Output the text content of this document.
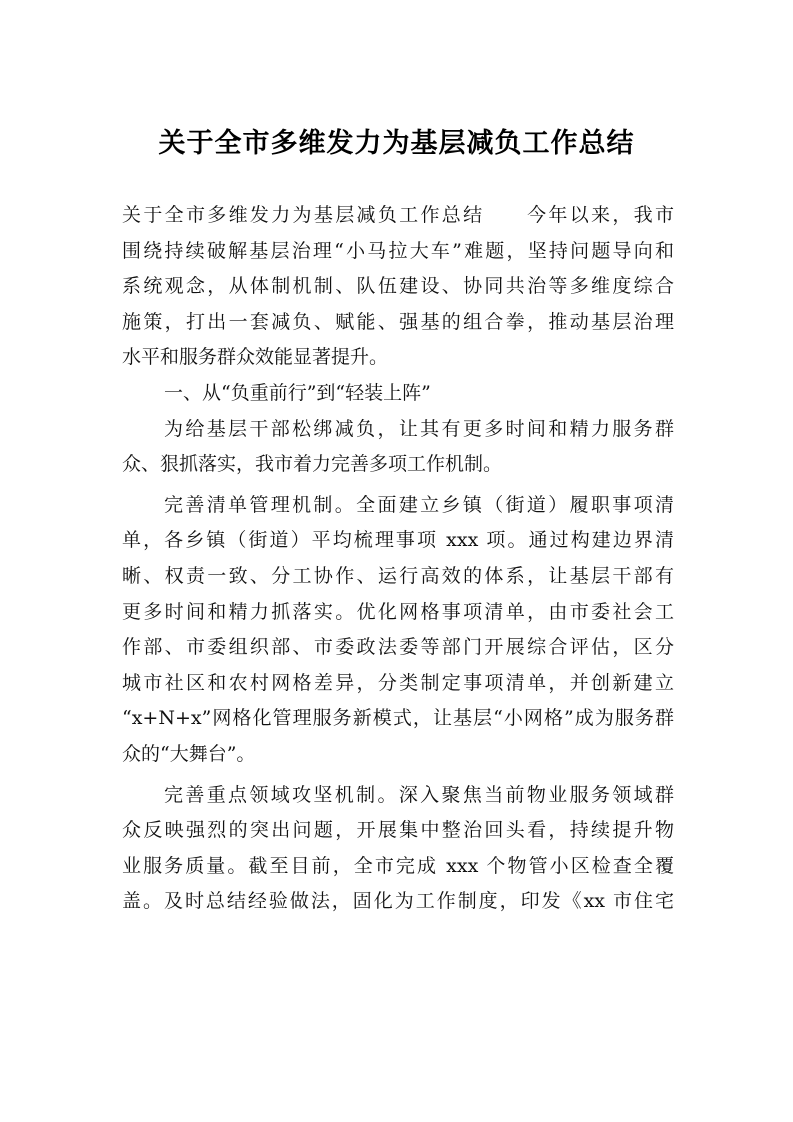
关于全市多维发力为基层减负工作总结
关于全市多维发力为基层减负工作总结　　今年以来，我市
围绕持续破解基层治理“小马拉大车”难题，坚持问题导向和
系统观念，从体制机制、队伍建设、协同共治等多维度综合
施策，打出一套减负、赋能、强基的组合拳，推动基层治理
水平和服务群众效能显著提升。
一、从“负重前行”到“轻装上阵”
为给基层干部松绑减负，让其有更多时间和精力服务群
众、狠抓落实，我市着力完善多项工作机制。
完善清单管理机制。全面建立乡镇（街道）履职事项清
单，各乡镇（街道）平均梳理事项 xxx 项。通过构建边界清
晰、权责一致、分工协作、运行高效的体系，让基层干部有
更多时间和精力抓落实。优化网格事项清单，由市委社会工
作部、市委组织部、市委政法委等部门开展综合评估，区分
城市社区和农村网格差异，分类制定事项清单，并创新建立
“x+N+x”网格化管理服务新模式，让基层“小网格”成为服务群
众的“大舞台”。
完善重点领域攻坚机制。深入聚焦当前物业服务领域群
众反映强烈的突出问题，开展集中整治回头看，持续提升物
业服务质量。截至目前，全市完成 xxx 个物管小区检查全覆
盖。及时总结经验做法，固化为工作制度，印发《xx 市住宅
